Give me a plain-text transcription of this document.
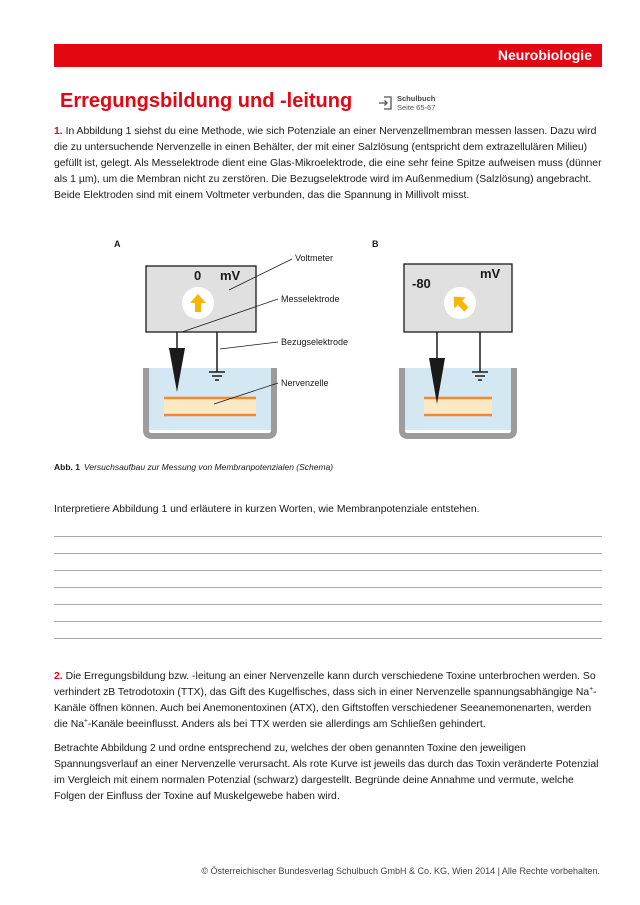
Neurobiologie
Erregungsbildung und -leitung	Schulbuch
Seite 65-67

1. In Abbildung 1 siehst du eine Methode, wie sich Potenziale an einer Nervenzellmembran messen lassen. Dazu wird die zu untersuchende Nervenzelle in einen Behälter, der mit einer Salzlösung (entspricht dem extrazellulären Milieu) gefüllt ist, gelegt. Als Messelektrode dient eine Glas-Mikroelektrode, die eine sehr feine Spitze aufweisen muss (dünner als 1 µm), um die Membran nicht zu zerstören. Die Bezugselektrode wird im Außenmedium (Salzlösung) angebracht. Beide Elektroden sind mit einem Voltmeter verbunden, das die Spannung in Millivolt misst.

A
0 mV
Voltmeter
Messelektrode
Bezugselektrode
Nervenzelle
B
-80
mV
Abb. 1 Versuchsaufbau zur Messung von Membranpotenzialen (Schema)

Interpretiere Abbildung 1 und erläutere in kurzen Worten, wie Membranpotenziale entstehen.

2. Die Erregungsbildung bzw. -leitung an einer Nervenzelle kann durch verschiedene Toxine unterbrochen werden. So verhindert zB Tetrodotoxin (TTX), das Gift des Kugelfisches, dass sich in einer Nervenzelle spannungsabhängige Na+-Kanäle öffnen können. Auch bei Anemonentoxinen (ATX), den Giftstoffen verschiedener Seeanemonenarten, werden die Na+-Kanäle beeinflusst. Anders als bei TTX werden sie allerdings am Schließen gehindert.

Betrachte Abbildung 2 und ordne entsprechend zu, welches der oben genannten Toxine den jeweiligen Spannungsverlauf an einer Nervenzelle verursacht. Als rote Kurve ist jeweils das durch das Toxin veränderte Potenzial im Vergleich mit einem normalen Potenzial (schwarz) dargestellt. Begründe deine Annahme und vermute, welche Folgen der Einfluss der Toxine auf Muskelgewebe haben wird.

© Österreichischer Bundesverlag Schulbuch GmbH & Co. KG, Wien 2014 | Alle Rechte vorbehalten.
